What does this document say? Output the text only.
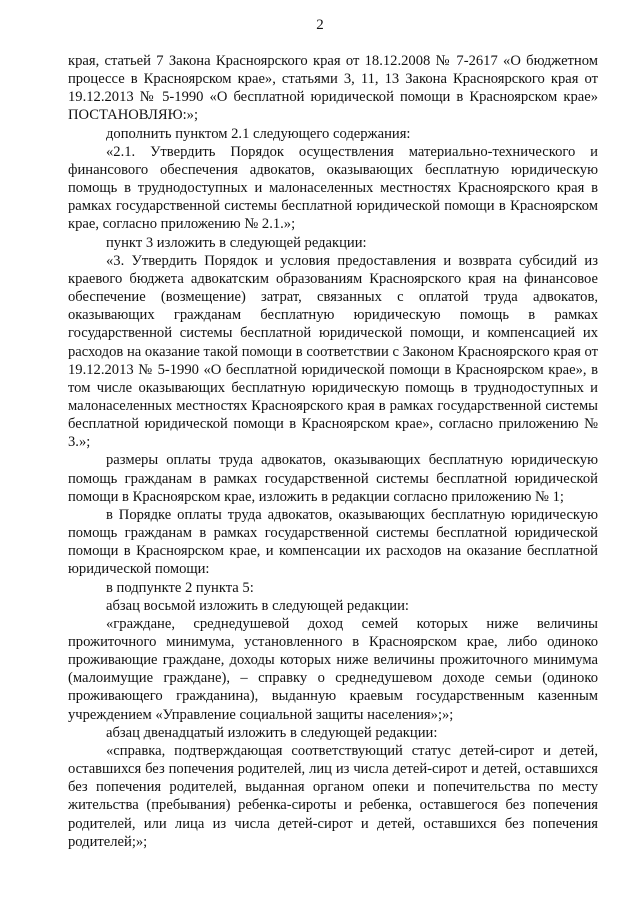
2

края, статьей 7 Закона Красноярского края от 18.12.2008 № 7-2617 «О бюджетном процессе в Красноярском крае», статьями 3, 11, 13 Закона Красноярского края от 19.12.2013 № 5-1990 «О бесплатной юридической помощи в Красноярском крае» ПОСТАНОВЛЯЮ:»;

дополнить пунктом 2.1 следующего содержания:

«2.1. Утвердить Порядок осуществления материально-технического и финансового обеспечения адвокатов, оказывающих бесплатную юридическую помощь в труднодоступных и малонаселенных местностях Красноярского края в рамках государственной системы бесплатной юридической помощи в Красноярском крае, согласно приложению № 2.1.»;

пункт 3 изложить в следующей редакции:

«3. Утвердить Порядок и условия предоставления и возврата субсидий из краевого бюджета адвокатским образованиям Красноярского края на финансовое обеспечение (возмещение) затрат, связанных с оплатой труда адвокатов, оказывающих гражданам бесплатную юридическую помощь в рамках государственной системы бесплатной юридической помощи, и компенсацией их расходов на оказание такой помощи в соответствии с Законом Красноярского края от 19.12.2013 № 5-1990 «О бесплатной юридической помощи в Красноярском крае», в том числе оказывающих бесплатную юридическую помощь в труднодоступных и малонаселенных местностях Красноярского края в рамках государственной системы бесплатной юридической помощи в Красноярском крае», согласно приложению № 3.»;

размеры оплаты труда адвокатов, оказывающих бесплатную юридическую помощь гражданам в рамках государственной системы бесплатной юридической помощи в Красноярском крае, изложить в редакции согласно приложению № 1;

в Порядке оплаты труда адвокатов, оказывающих бесплатную юридическую помощь гражданам в рамках государственной системы бесплатной юридической помощи в Красноярском крае, и компенсации их расходов на оказание бесплатной юридической помощи:

в подпункте 2 пункта 5:

абзац восьмой изложить в следующей редакции:

«граждане, среднедушевой доход семей которых ниже величины прожиточного минимума, установленного в Красноярском крае, либо одиноко проживающие граждане, доходы которых ниже величины прожиточного минимума (малоимущие граждане), – справку о среднедушевом доходе семьи (одиноко проживающего гражданина), выданную краевым государственным казенным учреждением «Управление социальной защиты населения»;»;

абзац двенадцатый изложить в следующей редакции:

«справка, подтверждающая соответствующий статус детей-сирот и детей, оставшихся без попечения родителей, лиц из числа детей-сирот и детей, оставшихся без попечения родителей, выданная органом опеки и попечительства по месту жительства (пребывания) ребенка-сироты и ребенка, оставшегося без попечения родителей, или лица из числа детей-сирот и детей, оставшихся без попечения родителей;»;
